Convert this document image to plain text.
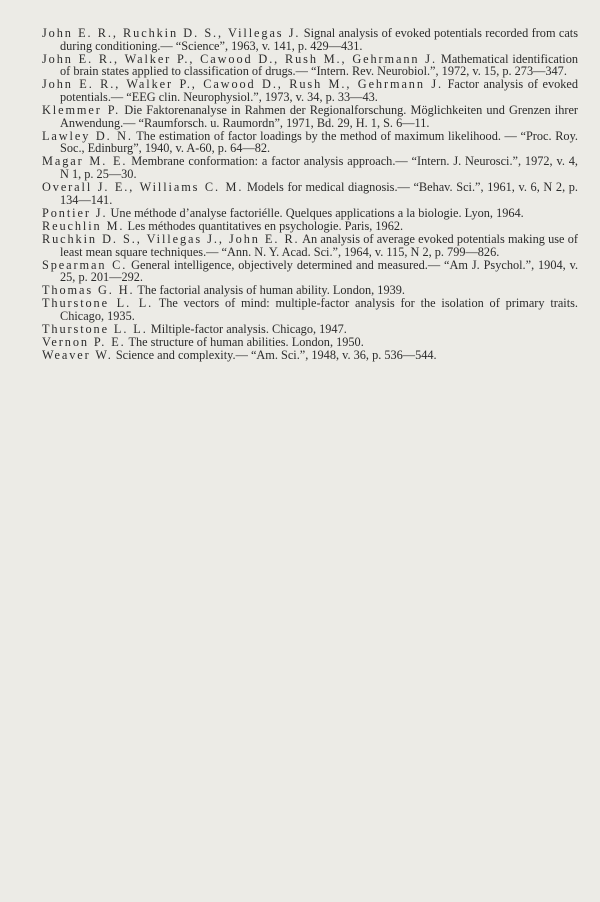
John E. R., Ruchkin D. S., Villegas J. Signal analysis of evoked potentials recorded from cats during conditioning.— “Science”, 1963, v. 141, p. 429—431.
John E. R., Walker P., Cawood D., Rush M., Gehrmann J. Mathematical identification of brain states applied to classification of drugs.— “Intern. Rev. Neurobiol.”, 1972, v. 15, p. 273—347.
John E. R., Walker P., Cawood D., Rush M., Gehrmann J. Factor analysis of evoked potentials.— “EEG clin. Neurophysiol.”, 1973, v. 34, p. 33—43.
Klemmer P. Die Faktorenanalyse in Rahmen der Regionalforschung. Möglichkeiten und Grenzen ihrer Anwendung.— “Raumforsch. u. Raumordn”, 1971, Bd. 29, H. 1, S. 6—11.
Lawley D. N. The estimation of factor loadings by the method of maximum likelihood. — “Proc. Roy. Soc., Edinburg”, 1940, v. A-60, p. 64—82.
Magar M. E. Membrane conformation: a factor analysis approach.— “Intern. J. Neurosci.”, 1972, v. 4, N 1, p. 25—30.
Overall J. E., Williams C. M. Models for medical diagnosis.— “Behav. Sci.”, 1961, v. 6, N 2, p. 134—141.
Pontier J. Une méthode d’analyse factoriélle. Quelques applications a la biologie. Lyon, 1964.
Reuchlin M. Les méthodes quantitatives en psychologie. Paris, 1962.
Ruchkin D. S., Villegas J., John E. R. An analysis of average evoked potentials making use of least mean square techniques.— “Ann. N. Y. Acad. Sci.”, 1964, v. 115, N 2, p. 799—826.
Spearman C. General intelligence, objectively determined and measured.— “Am J. Psychol.”, 1904, v. 25, p. 201—292.
Thomas G. H. The factorial analysis of human ability. London, 1939.
Thurstone L. L. The vectors of mind: multiple-factor analysis for the isolation of primary traits. Chicago, 1935.
Thurstone L. L. Miltiple-factor analysis. Chicago, 1947.
Vernon P. E. The structure of human abilities. London, 1950.
Weaver W. Science and complexity.— “Am. Sci.”, 1948, v. 36, p. 536—544.
